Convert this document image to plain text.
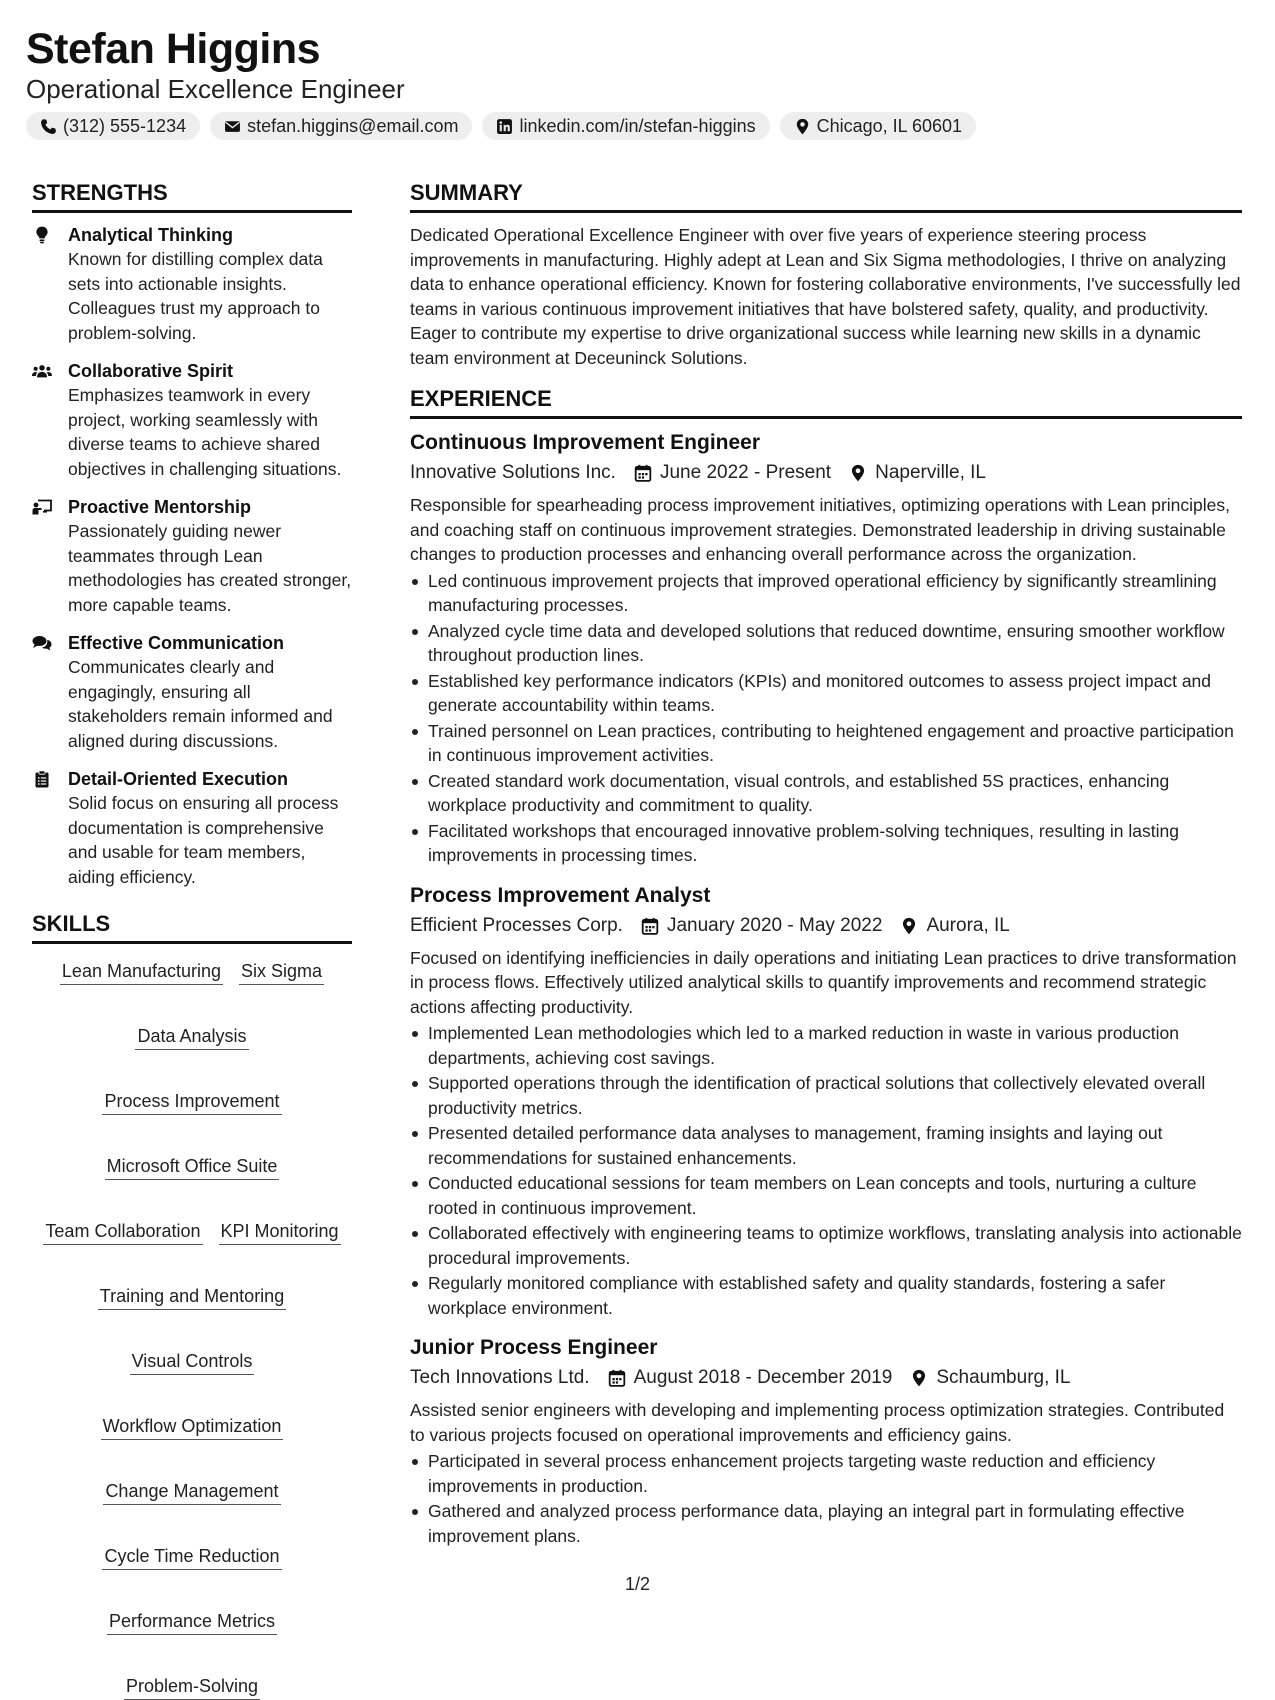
Stefan Higgins
Operational Excellence Engineer
(312) 555-1234	stefan.higgins@email.com	linkedin.com/in/stefan-higgins	Chicago, IL 60601
STRENGTHS
Analytical Thinking
Known for distilling complex data sets into actionable insights. Colleagues trust my approach to problem-solving.
Collaborative Spirit
Emphasizes teamwork in every project, working seamlessly with diverse teams to achieve shared objectives in challenging situations.
Proactive Mentorship
Passionately guiding newer teammates through Lean methodologies has created stronger, more capable teams.
Effective Communication
Communicates clearly and engagingly, ensuring all stakeholders remain informed and aligned during discussions.
Detail-Oriented Execution
Solid focus on ensuring all process documentation is comprehensive and usable for team members, aiding efficiency.
SKILLS
Lean Manufacturing Six Sigma
Data Analysis
Process Improvement
Microsoft Office Suite
Team Collaboration KPI Monitoring
Training and Mentoring
Visual Controls
Workflow Optimization
Change Management
Cycle Time Reduction
Performance Metrics
Problem-Solving
SUMMARY
Dedicated Operational Excellence Engineer with over five years of experience steering process improvements in manufacturing. Highly adept at Lean and Six Sigma methodologies, I thrive on analyzing data to enhance operational efficiency. Known for fostering collaborative environments, I've successfully led teams in various continuous improvement initiatives that have bolstered safety, quality, and productivity. Eager to contribute my expertise to drive organizational success while learning new skills in a dynamic team environment at Deceuninck Solutions.
EXPERIENCE
Continuous Improvement Engineer
Innovative Solutions Inc. June 2022 - Present Naperville, IL
Responsible for spearheading process improvement initiatives, optimizing operations with Lean principles, and coaching staff on continuous improvement strategies. Demonstrated leadership in driving sustainable changes to production processes and enhancing overall performance across the organization.
Led continuous improvement projects that improved operational efficiency by significantly streamlining manufacturing processes.
Analyzed cycle time data and developed solutions that reduced downtime, ensuring smoother workflow throughout production lines.
Established key performance indicators (KPIs) and monitored outcomes to assess project impact and generate accountability within teams.
Trained personnel on Lean practices, contributing to heightened engagement and proactive participation in continuous improvement activities.
Created standard work documentation, visual controls, and established 5S practices, enhancing workplace productivity and commitment to quality.
Facilitated workshops that encouraged innovative problem-solving techniques, resulting in lasting improvements in processing times.
Process Improvement Analyst
Efficient Processes Corp. January 2020 - May 2022 Aurora, IL
Focused on identifying inefficiencies in daily operations and initiating Lean practices to drive transformation in process flows. Effectively utilized analytical skills to quantify improvements and recommend strategic actions affecting productivity.
Implemented Lean methodologies which led to a marked reduction in waste in various production departments, achieving cost savings.
Supported operations through the identification of practical solutions that collectively elevated overall productivity metrics.
Presented detailed performance data analyses to management, framing insights and laying out recommendations for sustained enhancements.
Conducted educational sessions for team members on Lean concepts and tools, nurturing a culture rooted in continuous improvement.
Collaborated effectively with engineering teams to optimize workflows, translating analysis into actionable procedural improvements.
Regularly monitored compliance with established safety and quality standards, fostering a safer workplace environment.
Junior Process Engineer
Tech Innovations Ltd. August 2018 - December 2019 Schaumburg, IL
Assisted senior engineers with developing and implementing process optimization strategies. Contributed to various projects focused on operational improvements and efficiency gains.
Participated in several process enhancement projects targeting waste reduction and efficiency improvements in production.
Gathered and analyzed process performance data, playing an integral part in formulating effective improvement plans.
1/2
